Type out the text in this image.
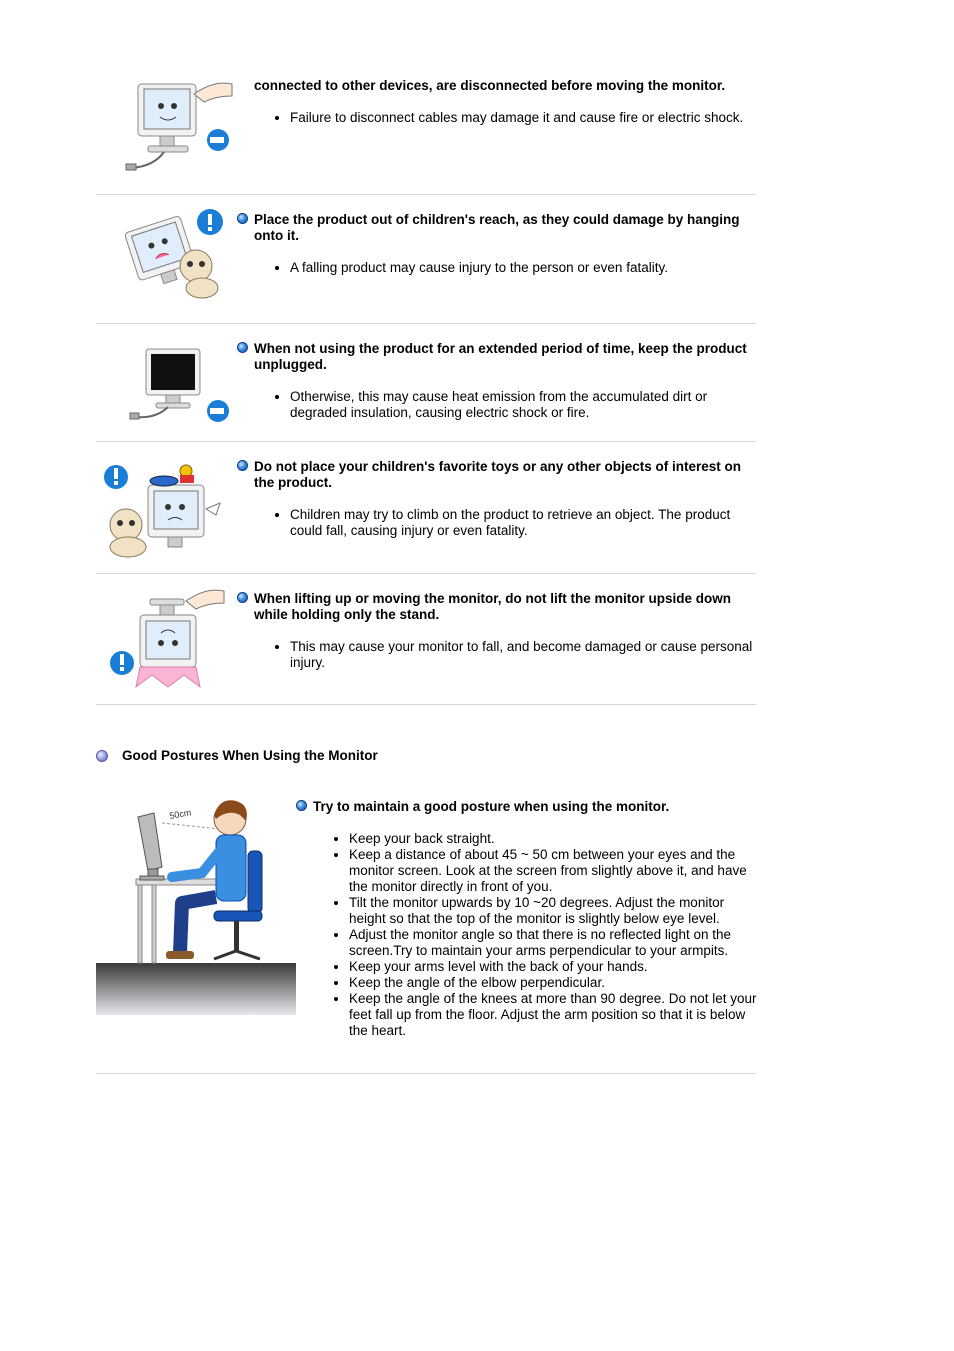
connected to other devices, are disconnected before moving the monitor.

• Failure to disconnect cables may damage it and cause fire or electric shock.

Place the product out of children's reach, as they could damage by hanging onto it.

• A falling product may cause injury to the person or even fatality.

When not using the product for an extended period of time, keep the product unplugged.

• Otherwise, this may cause heat emission from the accumulated dirt or degraded insulation, causing electric shock or fire.

Do not place your children's favorite toys or any other objects of interest on the product.

• Children may try to climb on the product to retrieve an object. The product could fall, causing injury or even fatality.

When lifting up or moving the monitor, do not lift the monitor upside down while holding only the stand.

• This may cause your monitor to fall, and become damaged or cause personal injury.
Good Postures When Using the Monitor
50cm

Try to maintain a good posture when using the monitor.

• Keep your back straight.
• Keep a distance of about 45 ~ 50 cm between your eyes and the monitor screen. Look at the screen from slightly above it, and have the monitor directly in front of you.
• Tilt the monitor upwards by 10 ~20 degrees. Adjust the monitor height so that the top of the monitor is slightly below eye level.
• Adjust the monitor angle so that there is no reflected light on the screen.Try to maintain your arms perpendicular to your armpits.
• Keep your arms level with the back of your hands.
• Keep the angle of the elbow perpendicular.
• Keep the angle of the knees at more than 90 degree. Do not let your feet fall up from the floor. Adjust the arm position so that it is below the heart.
